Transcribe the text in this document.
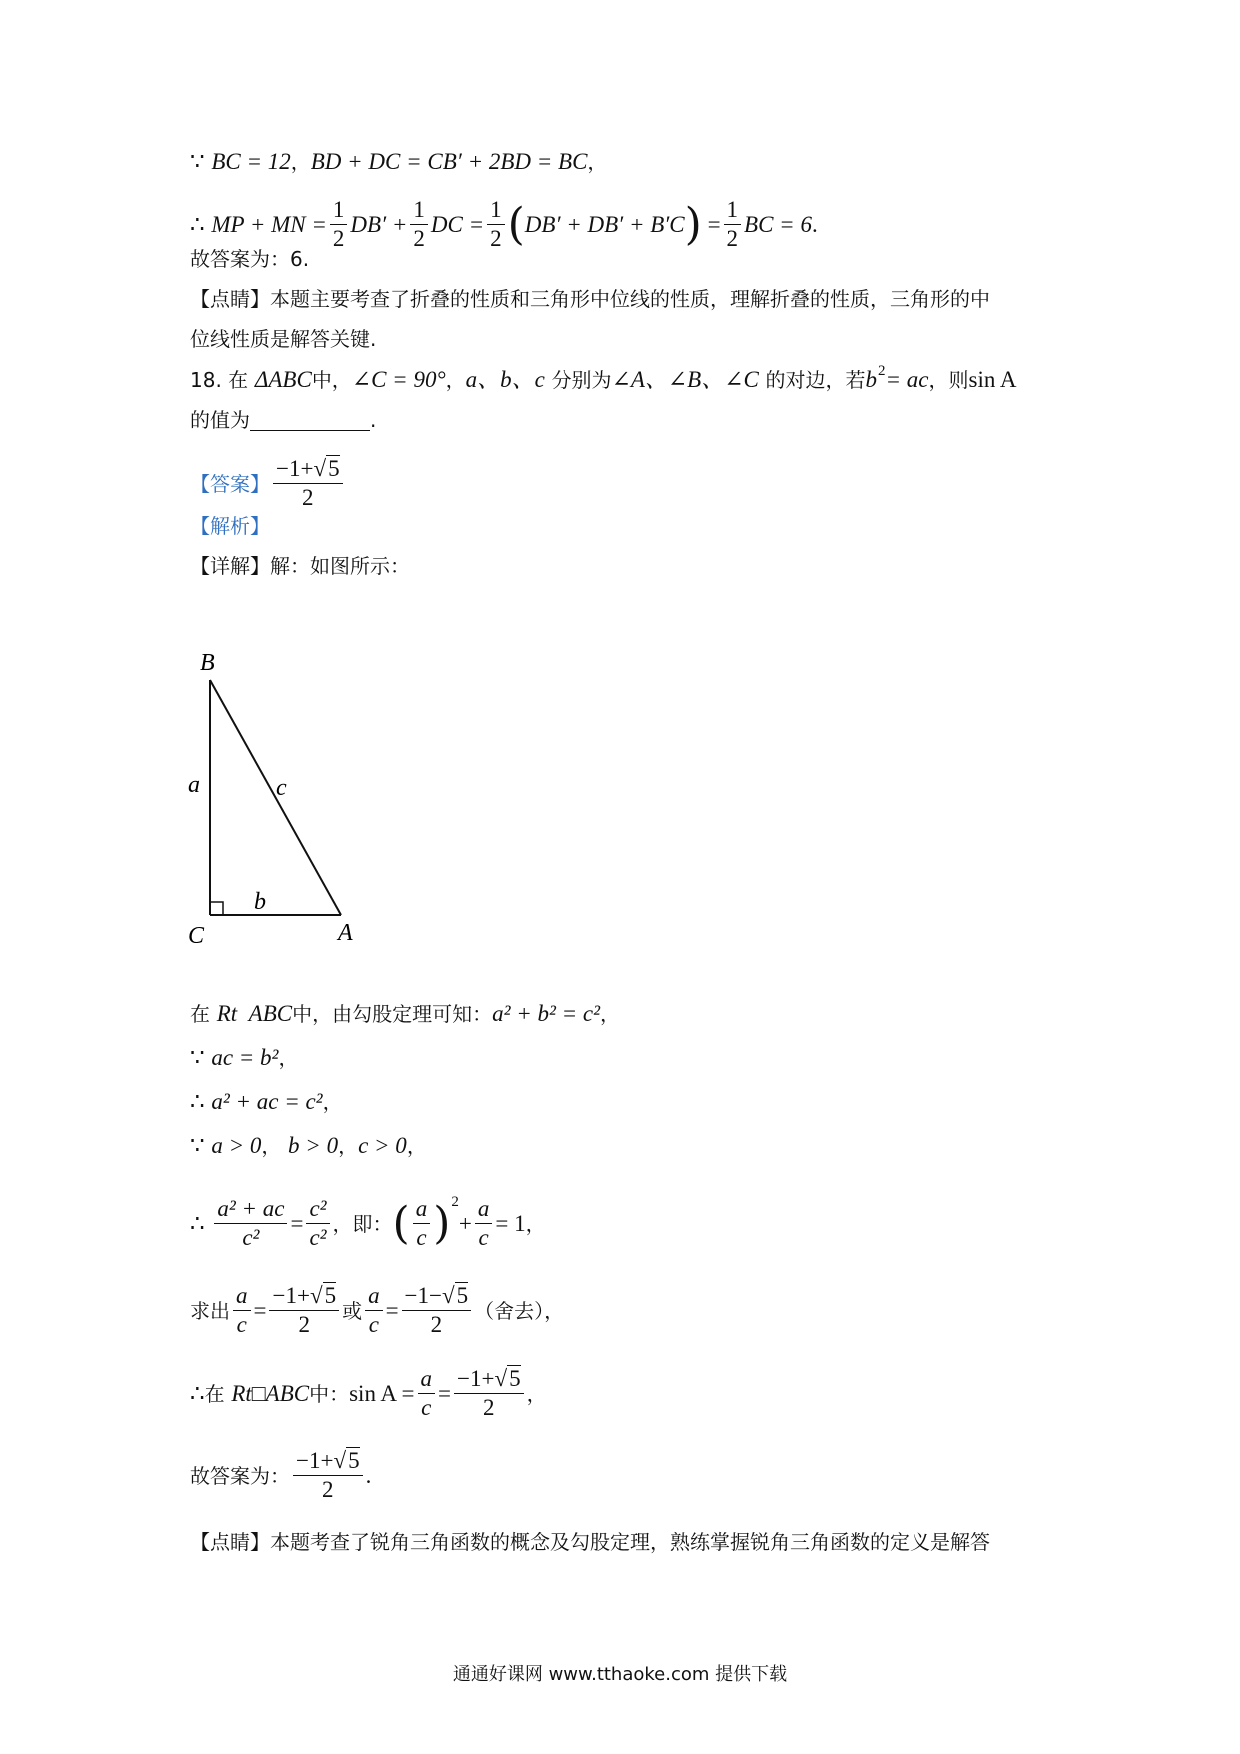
∵
BC = 12 ， BD + DC = CB′ + 2BD = BC ，
∴
MP + MN = $\frac{1}{2} DB' + \frac{1}{2}$ DC = $\frac{1}{2}$ ( DB′ + DB′ + B′C ) = $\frac{1}{2}$ BC = 6 .
故答案为：6.
【点睛】本题主要考查了折叠的性质和三角形中位线的性质，理解折叠的性质，三角形的中
位线性质是解答关键.
18. 在
ΔABC 中， ∠C = 90° ， a、b、c
分别为 ∠A、∠B、∠C
的对边，若 b 2 = ac ，则 sin A
的值为	.
【答案】 $\frac{-1+√5}{2}$
【解析】
【详解】 解：如图所示：
B
C	A
a	c
b
在
Rt
ABC 中，由勾股定理可知： a² + b² = c² ，
∵
ac = b² ，
∴
a² + ac = c² ，
∵
a > 0 ，
b > 0 ， c > 0 ，
∴
$\frac{\text{a² + ac}}{\text{c²}} = \frac{\text{c²}}{\text{c²}}$ ，即： ( $\frac{a}{c}$ ) 2
+ $\frac{a}{c} = 1$ ，
求出 $\frac{a}{c} = \frac{-1+√5}{2}$ 或 $\frac{a}{c} = \frac{-1-√5}{2}$ （舍去），
∴ 在
Rt□ABC 中： $\sin A = \frac{a}{c} = \frac{-1+√5}{2}$ ，
故答案为： $\frac{-1+√5}{2}$ .
【点睛】本题考查了锐角三角函数的概念及勾股定理，熟练掌握锐角三角函数的定义是解答
通通好课网 www.tthaoke.com 提供下载
